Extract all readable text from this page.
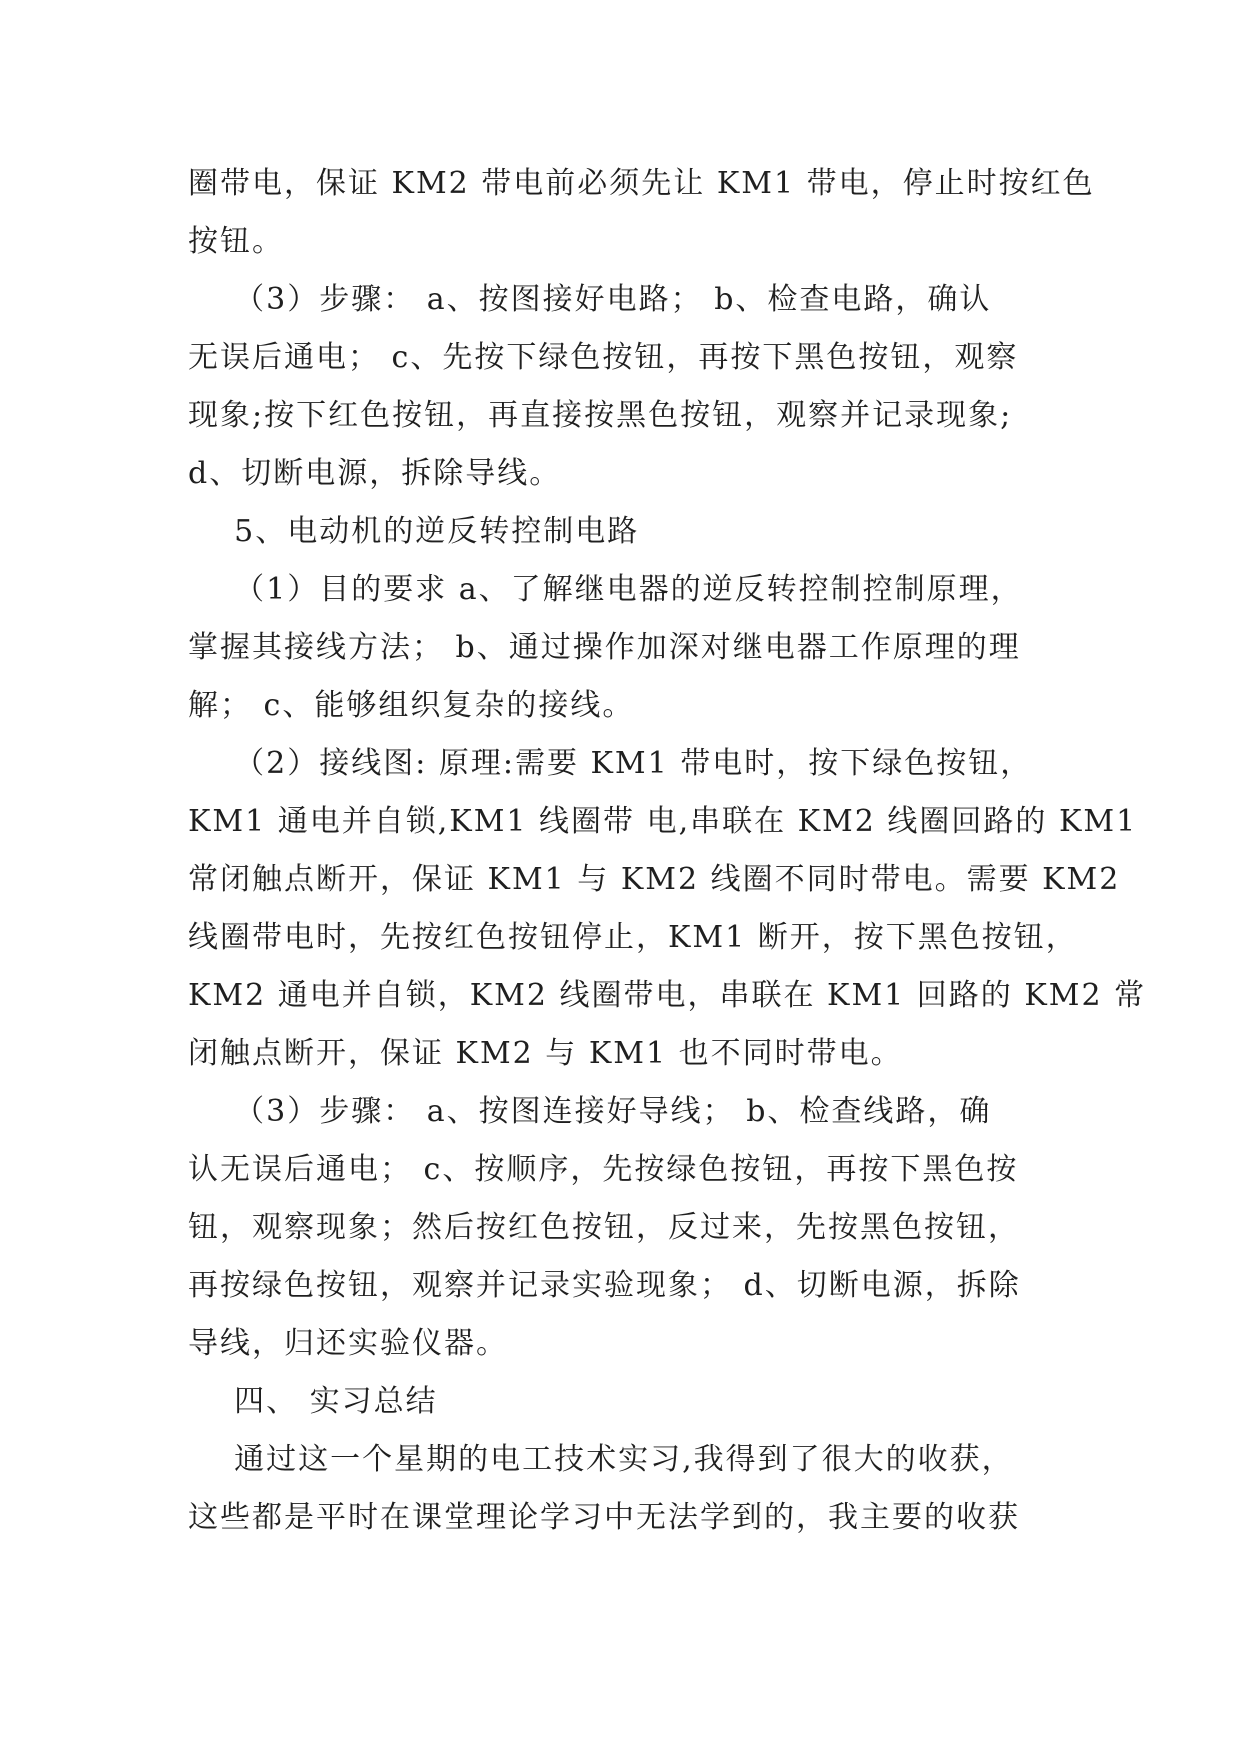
圈带电，保证 KM2 带电前必须先让 KM1 带电，停止时按红色
按钮。
（3）步骤： a、按图接好电路； b、检查电路，确认
无误后通电； c、先按下绿色按钮，再按下黑色按钮，观察
现象;按下红色按钮，再直接按黑色按钮，观察并记录现象;
d、切断电源，拆除导线。
5、电动机的逆反转控制电路
（1）目的要求 a、了解继电器的逆反转控制控制原理，
掌握其接线方法； b、通过操作加深对继电器工作原理的理
解； c、能够组织复杂的接线。
（2）接线图: 原理:需要 KM1 带电时，按下绿色按钮，
KM1 通电并自锁,KM1 线圈带 电,串联在 KM2 线圈回路的 KM1
常闭触点断开，保证 KM1 与 KM2 线圈不同时带电。需要 KM2
线圈带电时，先按红色按钮停止，KM1 断开，按下黑色按钮，
KM2 通电并自锁，KM2 线圈带电，串联在 KM1 回路的 KM2 常
闭触点断开，保证 KM2 与 KM1 也不同时带电。
（3）步骤： a、按图连接好导线； b、检查线路，确
认无误后通电； c、按顺序，先按绿色按钮，再按下黑色按
钮，观察现象；然后按红色按钮，反过来，先按黑色按钮，
再按绿色按钮，观察并记录实验现象； d、切断电源，拆除
导线，归还实验仪器。
四、 实习总结
通过这一个星期的电工技术实习,我得到了很大的收获，
这些都是平时在课堂理论学习中无法学到的，我主要的收获
